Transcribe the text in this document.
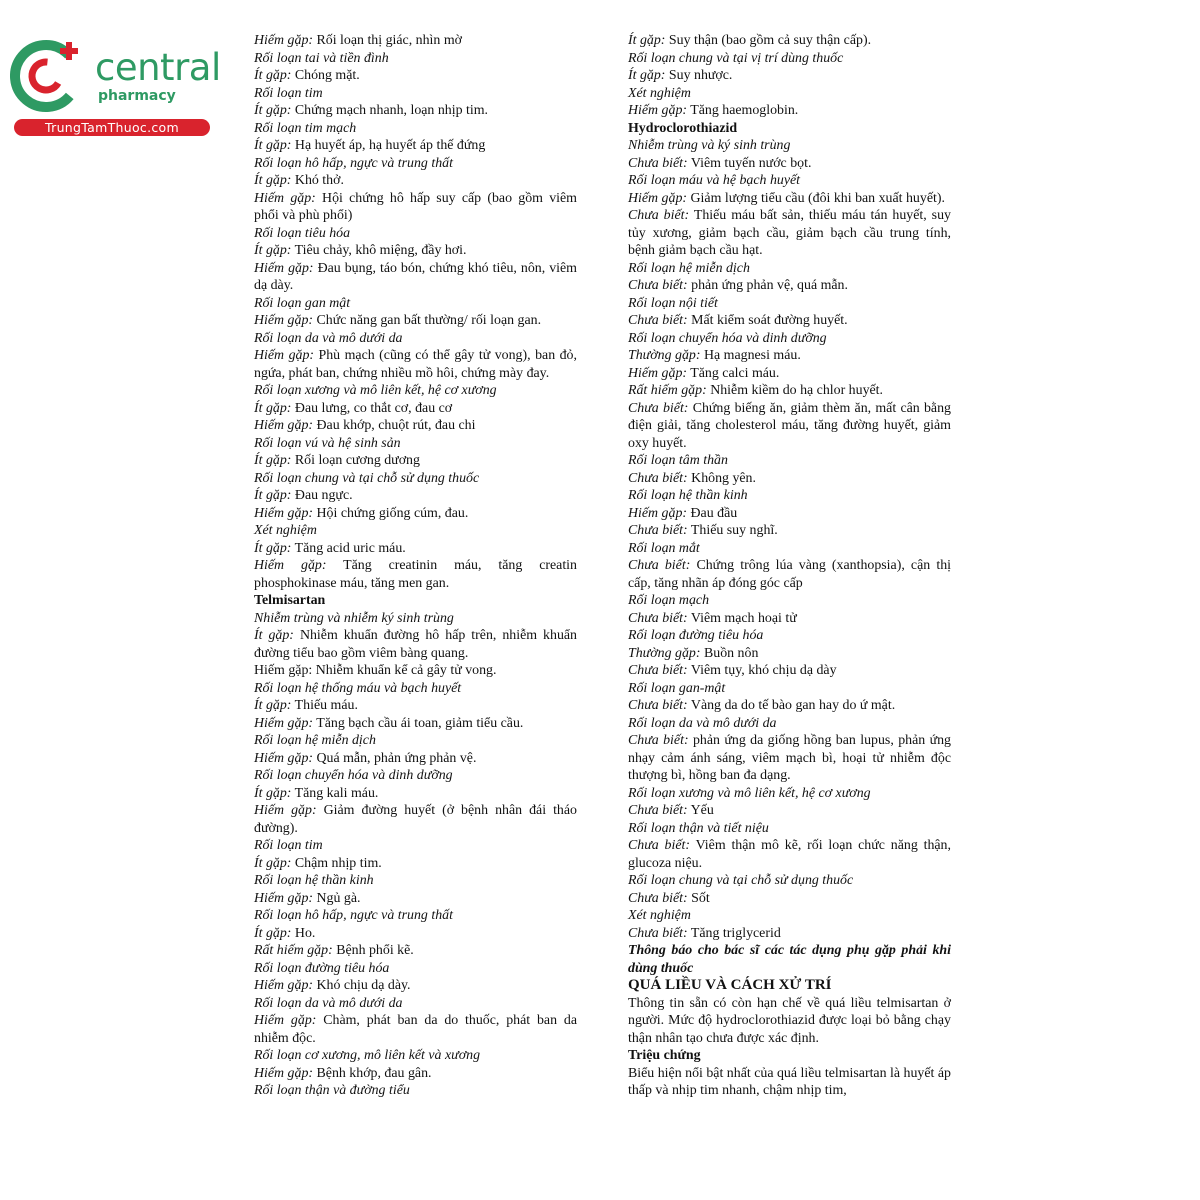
central
pharmacy
TrungTamThuoc.com

Hiếm gặp: Rối loạn thị giác, nhìn mờ

Rối loạn tai và tiền đình

Ít gặp: Chóng mặt.

Rối loạn tim

Ít gặp: Chứng mạch nhanh, loạn nhịp tim.

Rối loạn tim mạch

Ít gặp: Hạ huyết áp, hạ huyết áp thế đứng

Rối loạn hô hấp, ngực và trung thất

Ít gặp: Khó thở.

Hiếm gặp: Hội chứng hô hấp suy cấp (bao gồm viêm phổi và phù phổi)

Rối loạn tiêu hóa

Ít gặp: Tiêu chảy, khô miệng, đầy hơi.

Hiếm gặp: Đau bụng, táo bón, chứng khó tiêu, nôn, viêm dạ dày.

Rối loạn gan mật

Hiếm gặp: Chức năng gan bất thường/ rối loạn gan.

Rối loạn da và mô dưới da

Hiếm gặp: Phù mạch (cũng có thể gây tử vong), ban đỏ, ngứa, phát ban, chứng nhiều mồ hôi, chứng mày đay.

Rối loạn xương và mô liên kết, hệ cơ xương

Ít gặp: Đau lưng, co thắt cơ, đau cơ

Hiếm gặp: Đau khớp, chuột rút, đau chi

Rối loạn vú và hệ sinh sản

Ít gặp: Rối loạn cương dương

Rối loạn chung và tại chỗ sử dụng thuốc

Ít gặp: Đau ngực.

Hiếm gặp: Hội chứng giống cúm, đau.

Xét nghiệm

Ít gặp: Tăng acid uric máu.

Hiếm gặp: Tăng creatinin máu, tăng creatin phosphokinase máu, tăng men gan.

Telmisartan

Nhiễm trùng và nhiễm ký sinh trùng

Ít gặp: Nhiễm khuẩn đường hô hấp trên, nhiễm khuẩn đường tiểu bao gồm viêm bàng quang.

Hiếm gặp: Nhiễm khuẩn kể cả gây tử vong.

Rối loạn hệ thống máu và bạch huyết

Ít gặp: Thiếu máu.

Hiếm gặp: Tăng bạch cầu ái toan, giảm tiểu cầu.

Rối loạn hệ miễn dịch

Hiếm gặp: Quá mẫn, phản ứng phản vệ.

Rối loạn chuyển hóa và dinh dưỡng

Ít gặp: Tăng kali máu.

Hiếm gặp: Giảm đường huyết (ở bệnh nhân đái tháo đường).

Rối loạn tim

Ít gặp: Chậm nhịp tim.

Rối loạn hệ thần kinh

Hiếm gặp: Ngủ gà.

Rối loạn hô hấp, ngực và trung thất

Ít gặp: Ho.

Rất hiếm gặp: Bệnh phổi kẽ.

Rối loạn đường tiêu hóa

Hiếm gặp: Khó chịu dạ dày.

Rối loạn da và mô dưới da

Hiếm gặp: Chàm, phát ban da do thuốc, phát ban da nhiễm độc.

Rối loạn cơ xương, mô liên kết và xương

Hiếm gặp: Bệnh khớp, đau gân.

Rối loạn thận và đường tiểu

Ít gặp: Suy thận (bao gồm cả suy thận cấp).

Rối loạn chung và tại vị trí dùng thuốc

Ít gặp: Suy nhược.

Xét nghiệm

Hiếm gặp: Tăng haemoglobin.

Hydroclorothiazid

Nhiễm trùng và ký sinh trùng

Chưa biết: Viêm tuyến nước bọt.

Rối loạn máu và hệ bạch huyết

Hiếm gặp: Giảm lượng tiểu cầu (đôi khi ban xuất huyết).

Chưa biết: Thiếu máu bất sản, thiếu máu tán huyết, suy tủy xương, giảm bạch cầu, giảm bạch cầu trung tính, bệnh giảm bạch cầu hạt.

Rối loạn hệ miễn dịch

Chưa biết: phản ứng phản vệ, quá mẫn.

Rối loạn nội tiết

Chưa biết: Mất kiểm soát đường huyết.

Rối loạn chuyển hóa và dinh dưỡng

Thường gặp: Hạ magnesi máu.

Hiếm gặp: Tăng calci máu.

Rất hiếm gặp: Nhiễm kiềm do hạ chlor huyết.

Chưa biết: Chứng biếng ăn, giảm thèm ăn, mất cân bằng điện giải, tăng cholesterol máu, tăng đường huyết, giảm oxy huyết.

Rối loạn tâm thần

Chưa biết: Không yên.

Rối loạn hệ thần kinh

Hiếm gặp: Đau đầu

Chưa biết: Thiếu suy nghĩ.

Rối loạn mắt

Chưa biết: Chứng trông lúa vàng (xanthopsia), cận thị cấp, tăng nhãn áp đóng góc cấp

Rối loạn mạch

Chưa biết: Viêm mạch hoại tử

Rối loạn đường tiêu hóa

Thường gặp: Buồn nôn

Chưa biết: Viêm tụy, khó chịu dạ dày

Rối loạn gan-mật

Chưa biết: Vàng da do tế bào gan hay do ứ mật.

Rối loạn da và mô dưới da

Chưa biết: phản ứng da giống hồng ban lupus, phản ứng nhạy cảm ánh sáng, viêm mạch bì, hoại tử nhiễm độc thượng bì, hồng ban đa dạng.

Rối loạn xương và mô liên kết, hệ cơ xương

Chưa biết: Yếu

Rối loạn thận và tiết niệu

Chưa biết: Viêm thận mô kẽ, rối loạn chức năng thận, glucoza niệu.

Rối loạn chung và tại chỗ sử dụng thuốc

Chưa biết: Sốt

Xét nghiệm

Chưa biết: Tăng triglycerid

Thông báo cho bác sĩ các tác dụng phụ gặp phải khi dùng thuốc

QUÁ LIỀU VÀ CÁCH XỬ TRÍ

Thông tin sẵn có còn hạn chế về quá liều telmisartan ở người. Mức độ hydroclorothiazid được loại bỏ bằng chạy thận nhân tạo chưa được xác định.

Triệu chứng

Biểu hiện nổi bật nhất của quá liều telmisartan là huyết áp thấp và nhịp tim nhanh, chậm nhịp tim,
